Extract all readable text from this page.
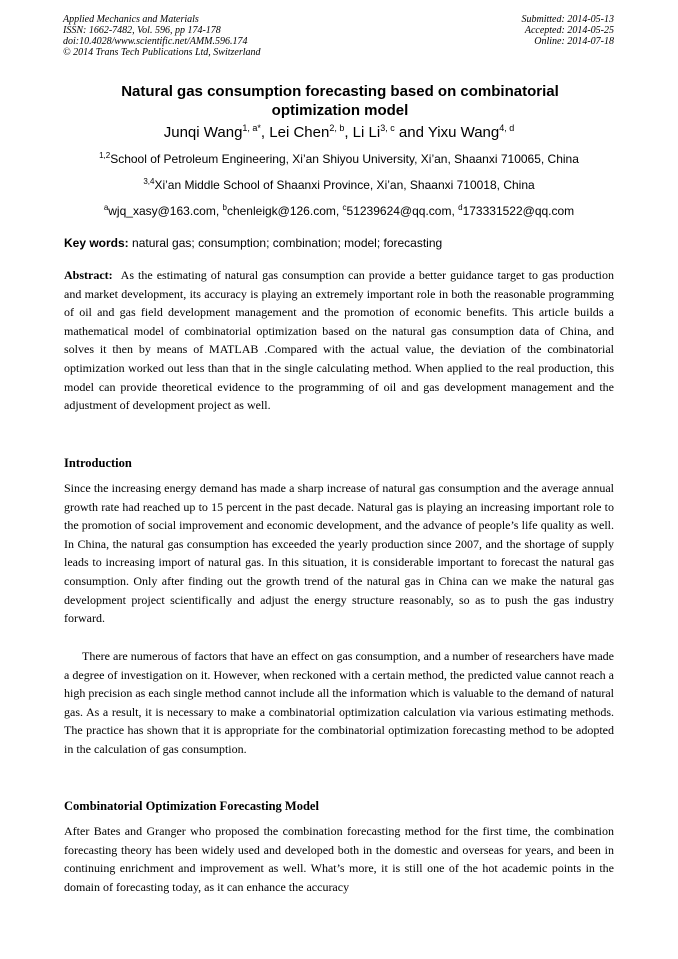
Applied Mechanics and Materials
ISSN: 1662-7482, Vol. 596, pp 174-178
doi:10.4028/www.scientific.net/AMM.596.174
© 2014 Trans Tech Publications Ltd, Switzerland
Submitted: 2014-05-13
Accepted: 2014-05-25
Online: 2014-07-18
Natural gas consumption forecasting based on combinatorial
optimization model
Junqi Wang$^{1, a*}$, Lei Chen$^{2, b}$, Li Li$^{3, c}$ and Yixu Wang$^{4, d}$
$^{1,2}$School of Petroleum Engineering, Xi’an Shiyou University, Xi’an, Shaanxi 710065, China
$^{3,4}$Xi’an Middle School of Shaanxi Province, Xi’an, Shaanxi 710018, China
$^a$wjq_xasy@163.com, $^b$chenleigk@126.com, $^c$51239624@qq.com, $^d$173331522@qq.com
Key words: natural gas; consumption; combination; model; forecasting
Abstract: As the estimating of natural gas consumption can provide a better guidance target to gas production and market development, its accuracy is playing an extremely important role in both the reasonable programming of oil and gas field development management and the promotion of economic benefits. This article builds a mathematical model of combinatorial optimization based on the natural gas consumption data of China, and solves it then by means of MATLAB .Compared with the actual value, the deviation of the combinatorial optimization worked out less than that in the single calculating method. When applied to the real production, this model can provide theoretical evidence to the programming of oil and gas development management and the adjustment of development project as well.
Introduction
Since the increasing energy demand has made a sharp increase of natural gas consumption and the average annual growth rate had reached up to 15 percent in the past decade. Natural gas is playing an increasing important role to the promotion of social improvement and economic development, and the advance of people’s life quality as well. In China, the natural gas consumption has exceeded the yearly production since 2007, and the shortage of supply leads to increasing import of natural gas. In this situation, it is considerable important to forecast the natural gas consumption. Only after finding out the growth trend of the natural gas in China can we make the natural gas development project scientifically and adjust the energy structure reasonably, so as to push the gas industry forward.
There are numerous of factors that have an effect on gas consumption, and a number of researchers have made a degree of investigation on it. However, when reckoned with a certain method, the predicted value cannot reach a high precision as each single method cannot include all the information which is valuable to the demand of natural gas. As a result, it is necessary to make a combinatorial optimization calculation via various estimating methods. The practice has shown that it is appropriate for the combinatorial optimization forecasting method to be adopted in the calculation of gas consumption.
Combinatorial Optimization Forecasting Model
After Bates and Granger who proposed the combination forecasting method for the first time, the combination forecasting theory has been widely used and developed both in the domestic and overseas for years, and been in continuing enrichment and improvement as well. What’s more, it is still one of the hot academic points in the domain of forecasting today, as it can enhance the accuracy
